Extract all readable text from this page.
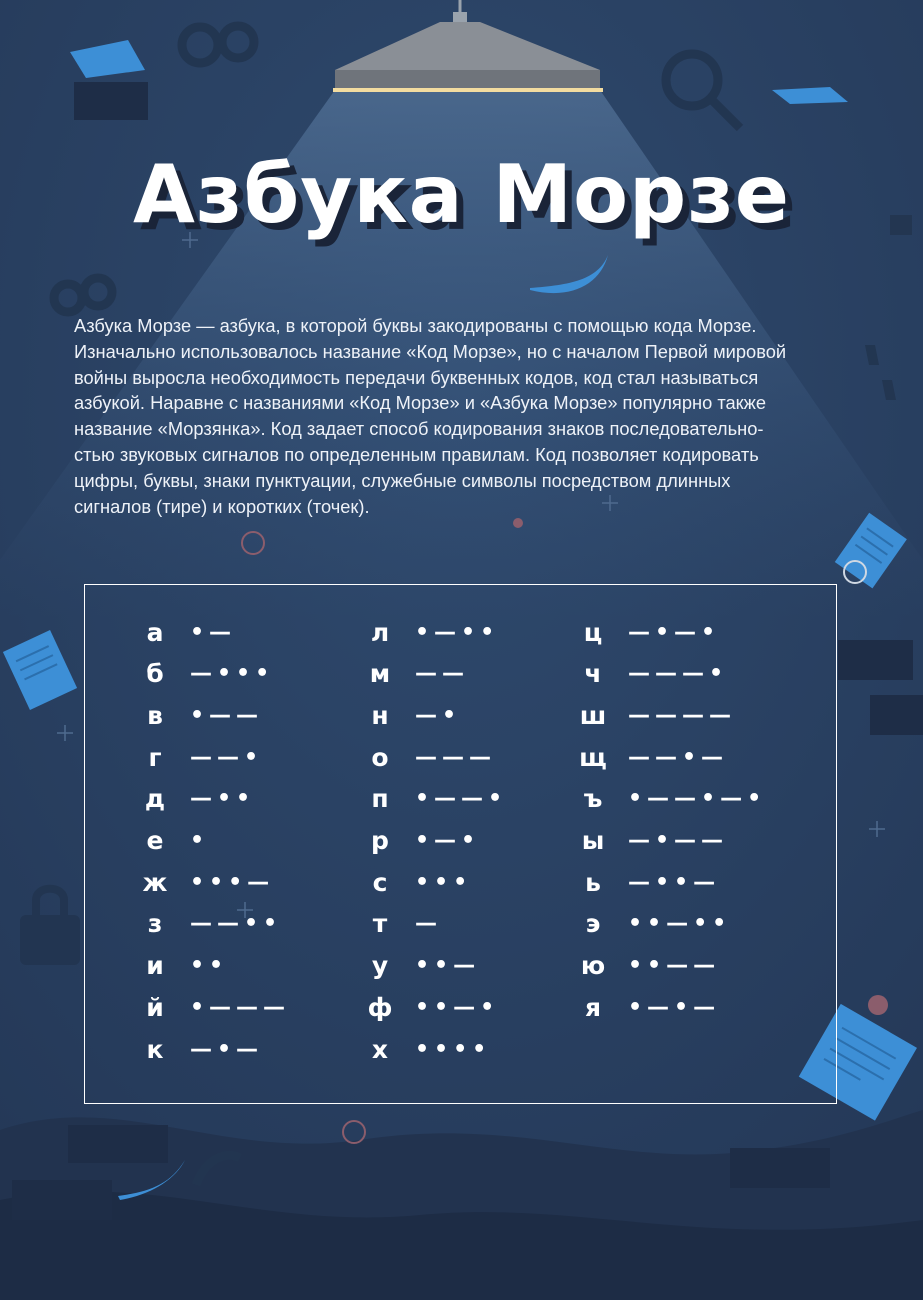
Азбука Морзе
Азбука Морзе — азбука, в которой буквы закодированы с помощью кода Морзе.
Изначально использовалось название «Код Морзе», но с началом Первой мировой
войны выросла необходимость передачи буквенных кодов, код стал называться
азбукой. Наравне с названиями «Код Морзе» и «Азбука Морзе» популярно также
название «Морзянка». Код задает способ кодирования знаков последовательно-
стью звуковых сигналов по определенным правилам. Код позволяет кодировать
цифры, буквы, знаки пунктуации, служебные символы посредством длинных
сигналов (тире) и коротких (точек).
а	•—
б	—•••
в	•——
г	——•
д	—••
е	•
ж	•••—
з	——••
и	••
й	•———
к	—•—
л	•—••
м	——
н	—•
о	———
п	•——•
р	•—•
с	•••
т	—
у	••—
ф	••—•
х	••••
ц	—•—•
ч	———•
ш ————
щ ——•—
ъ	•——•—•
ы	—•——
ь	—••—
э	••—••
ю	••——
я	•—•—
